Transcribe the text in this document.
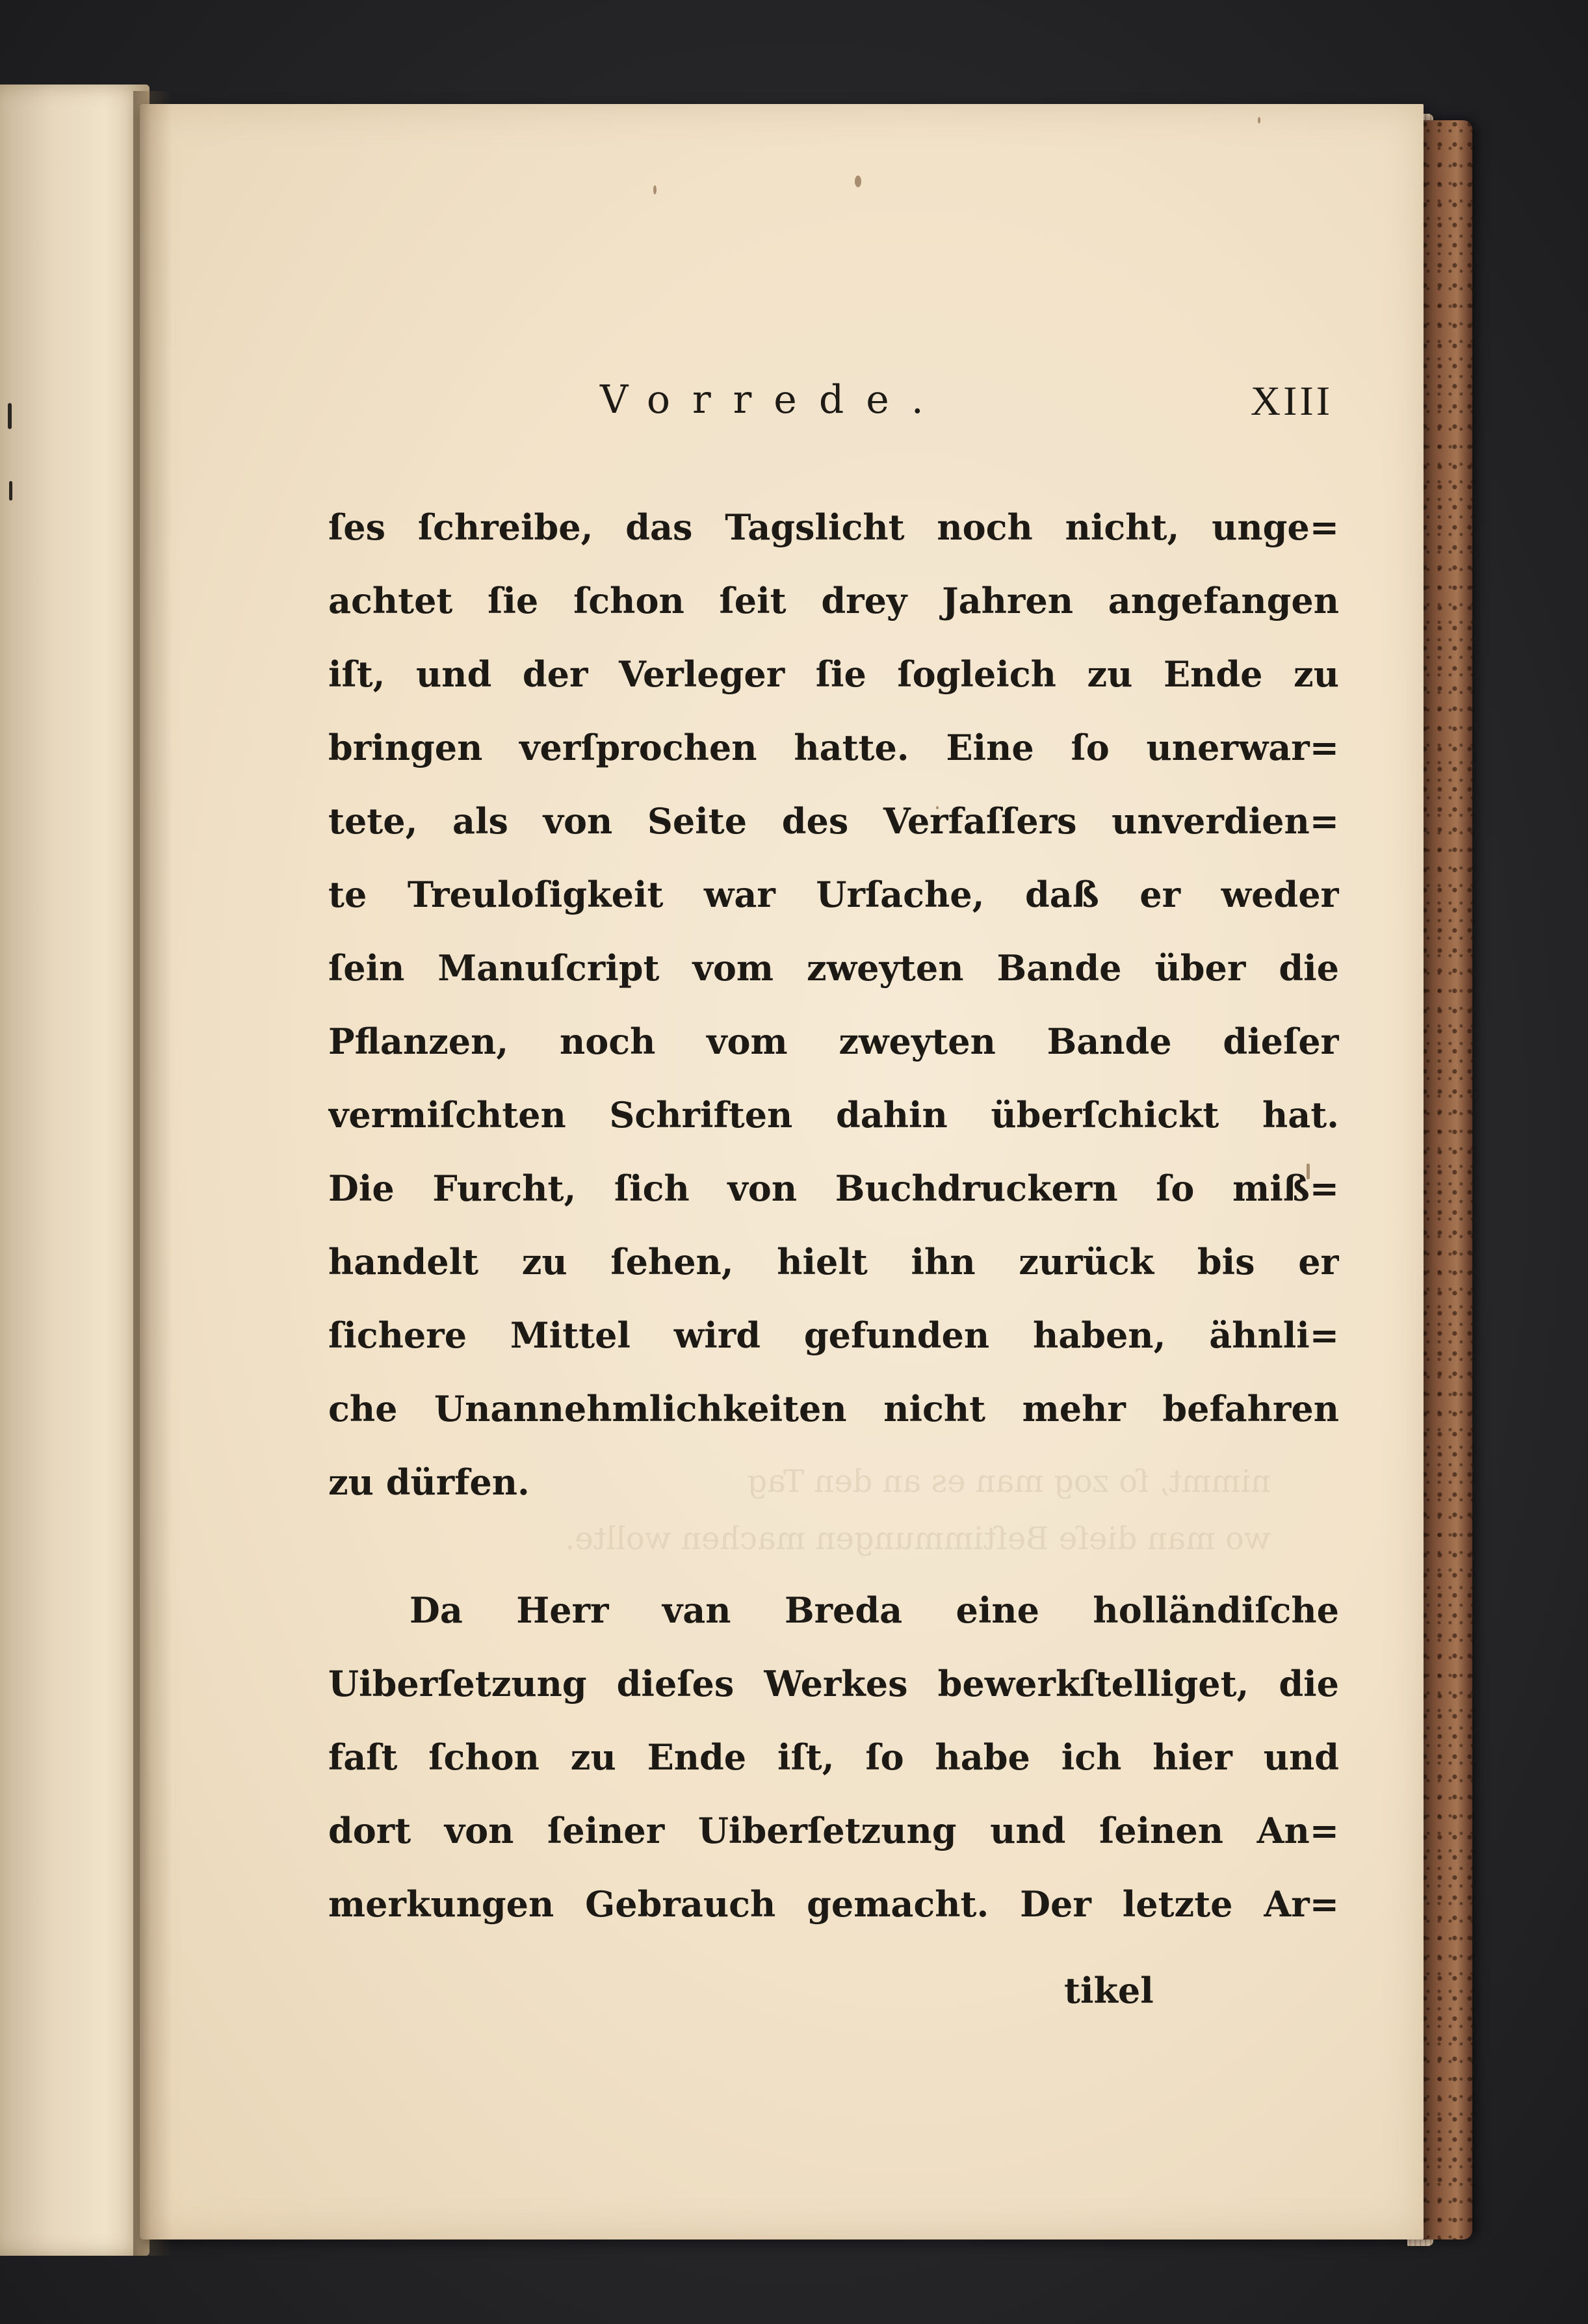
nimmt, ſo zog man es an den Tag
wo man dieſe Beſtimmungen machen wollte.
Vorrede.	XIII
ſes ſchreibe, das Tagslicht noch nicht, unge=
achtet ſie ſchon ſeit drey Jahren angefangen
iſt, und der Verleger ſie ſogleich zu Ende zu
bringen verſprochen hatte. Eine ſo unerwar=
tete, als von Seite des Verfaſſers unverdien=
te Treuloſigkeit war Urſache, daß er weder
ſein Manuſcript vom zweyten Bande über die
Pflanzen, noch vom zweyten Bande dieſer
vermiſchten Schriften dahin überſchickt hat.
Die Furcht, ſich von Buchdruckern ſo miß=
handelt zu ſehen, hielt ihn zurück bis er
ſichere Mittel wird gefunden haben, ähnli=
che Unannehmlichkeiten nicht mehr befahren
zu dürfen.
Da Herr van Breda eine holländiſche
Uiberſetzung dieſes Werkes bewerkſtelliget, die
faſt ſchon zu Ende iſt, ſo habe ich hier und
dort von ſeiner Uiberſetzung und ſeinen An=
merkungen Gebrauch gemacht. Der letzte Ar=
tikel
